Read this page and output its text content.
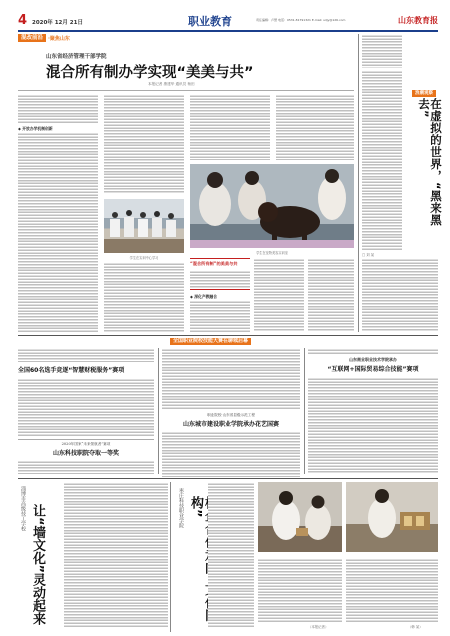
4 2020年 12月 21日	职业教育	责任编辑：卢慧 电话：0531-81791321 E-mail: sdjy@126.com	山东教育报
混改前沿	·聚焦山东
山东省经济管理干部学院
混合所有制办学实现“美美与共”
本报记者 康建华 通讯员 杨田
◆ 开放办学机制创新
学生在实训中心学习
学生在宠物美容实训室
“混合所有制”的美美与共
◆ 深化产教融合
浪潮观察
在虚拟的世界，“黑来黑去”
□ 刘 某
全国职业院校技能大赛在聊城启幕
全国60名选手竞逐“智慧财税服务”赛项
2020年国家“未来领航者”赛项
山东科技职院夺取一等奖
职业院校·山东省县级示范工程
山东城市建设职业学院承办花艺国赛
山东商业职业技术学院承办
“互联网+国际贸易综合技能”赛项
淄博市高级技工学校 让“墙文化”灵动起来	枣庄科技职业学院 构”
（本报记者）	（韩 某）
